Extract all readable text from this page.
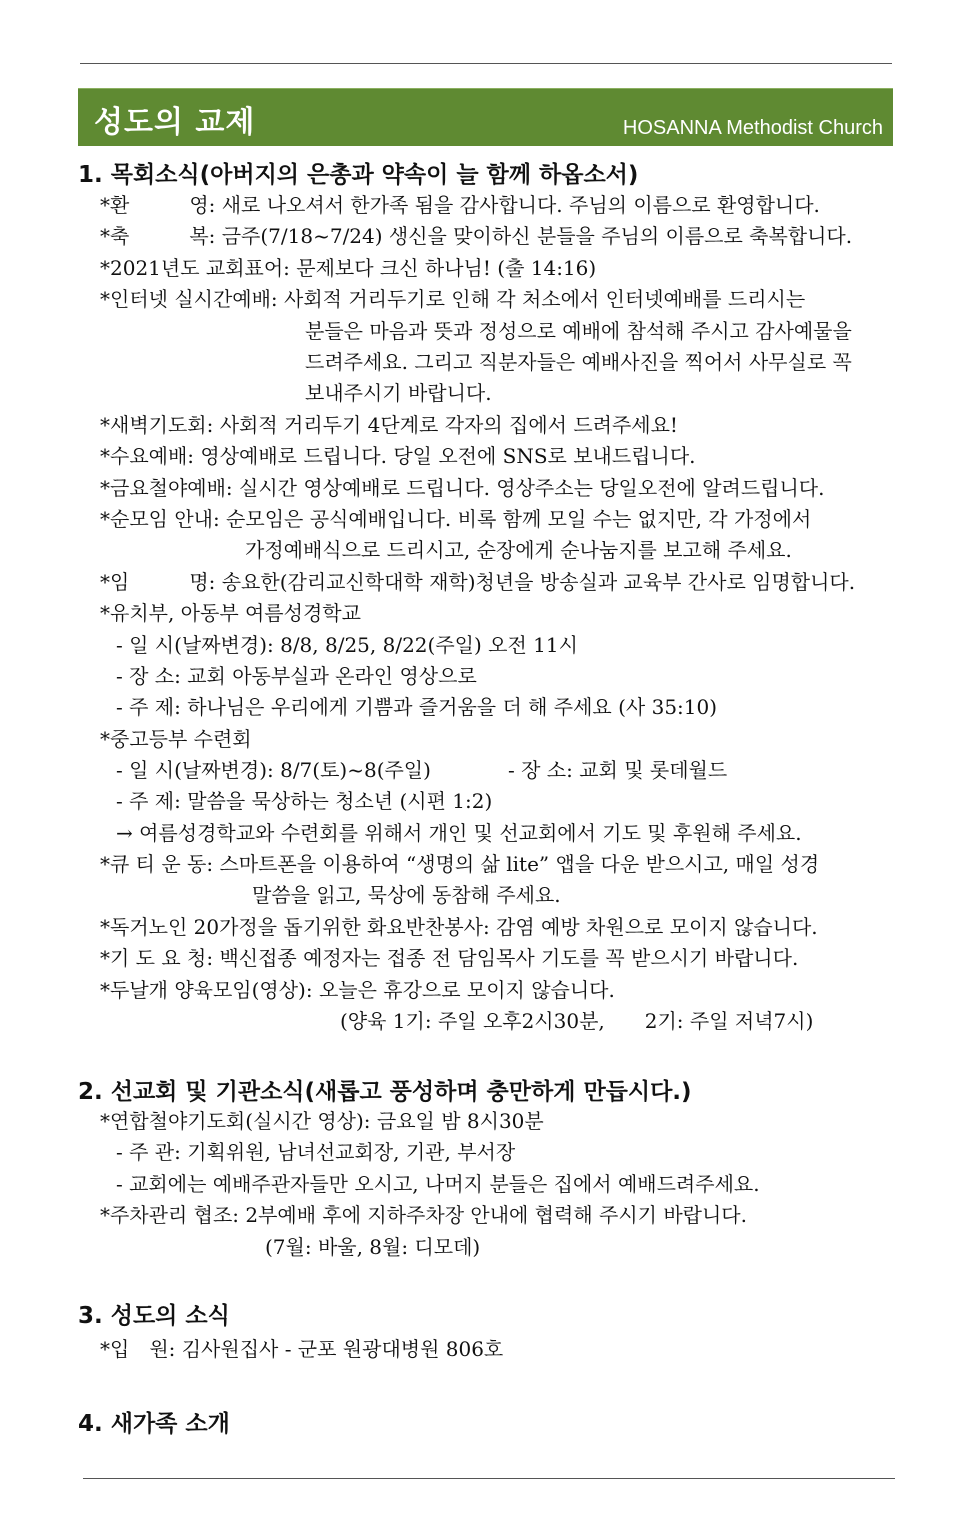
성도의 교제	HOSANNA Methodist Church
1. 목회소식(아버지의 은총과 약속이 늘 함께 하옵소서)
*환　　　영: 새로 나오셔서 한가족 됨을 감사합니다. 주님의 이름으로 환영합니다.
*축　　　복: 금주(7/18~7/24) 생신을 맞이하신 분들을 주님의 이름으로 축복합니다.
*2021년도 교회표어: 문제보다 크신 하나님! (출 14:16)
*인터넷 실시간예배: 사회적 거리두기로 인해 각 처소에서 인터넷예배를 드리시는
분들은 마음과 뜻과 정성으로 예배에 참석해 주시고 감사예물을
드려주세요. 그리고 직분자들은 예배사진을 찍어서 사무실로 꼭
보내주시기 바랍니다.
*새벽기도회: 사회적 거리두기 4단계로 각자의 집에서 드려주세요!
*수요예배: 영상예배로 드립니다. 당일 오전에 SNS로 보내드립니다.
*금요철야예배: 실시간 영상예배로 드립니다. 영상주소는 당일오전에 알려드립니다.
*순모임 안내: 순모임은 공식예배입니다. 비록 함께 모일 수는 없지만, 각 가정에서
가정예배식으로 드리시고, 순장에게 순나눔지를 보고해 주세요.
*임　　　명: 송요한(감리교신학대학 재학)청년을 방송실과 교육부 간사로 임명합니다.
*유치부, 아동부 여름성경학교
- 일 시(날짜변경): 8/8, 8/25, 8/22(주일) 오전 11시
- 장 소: 교회 아동부실과 온라인 영상으로
- 주 제: 하나님은 우리에게 기쁨과 즐거움을 더 해 주세요 (사 35:10)
*중고등부 수련회
- 일 시(날짜변경): 8/7(토)~8(주일)	- 장 소: 교회 및 롯데월드
- 주 제: 말씀을 묵상하는 청소년 (시편 1:2)
→ 여름성경학교와 수련회를 위해서 개인 및 선교회에서 기도 및 후원해 주세요.
*큐 티 운 동: 스마트폰을 이용하여 “생명의 삶 lite” 앱을 다운 받으시고, 매일 성경
말씀을 읽고, 묵상에 동참해 주세요.
*독거노인 20가정을 돕기위한 화요반찬봉사: 감염 예방 차원으로 모이지 않습니다.
*기 도 요 청: 백신접종 예정자는 접종 전 담임목사 기도를 꼭 받으시기 바랍니다.
*두날개 양육모임(영상): 오늘은 휴강으로 모이지 않습니다.
(양육 1기: 주일 오후2시30분,　　2기: 주일 저녁7시)
2. 선교회 및 기관소식(새롭고 풍성하며 충만하게 만듭시다.)
*연합철야기도회(실시간 영상): 금요일 밤 8시30분
- 주 관: 기획위원, 남녀선교회장, 기관, 부서장
- 교회에는 예배주관자들만 오시고, 나머지 분들은 집에서 예배드려주세요.
*주차관리 협조: 2부예배 후에 지하주차장 안내에 협력해 주시기 바랍니다.
(7월: 바울, 8월: 디모데)
3. 성도의 소식
*입　원: 김사원집사 - 군포 원광대병원 806호
4. 새가족 소개
